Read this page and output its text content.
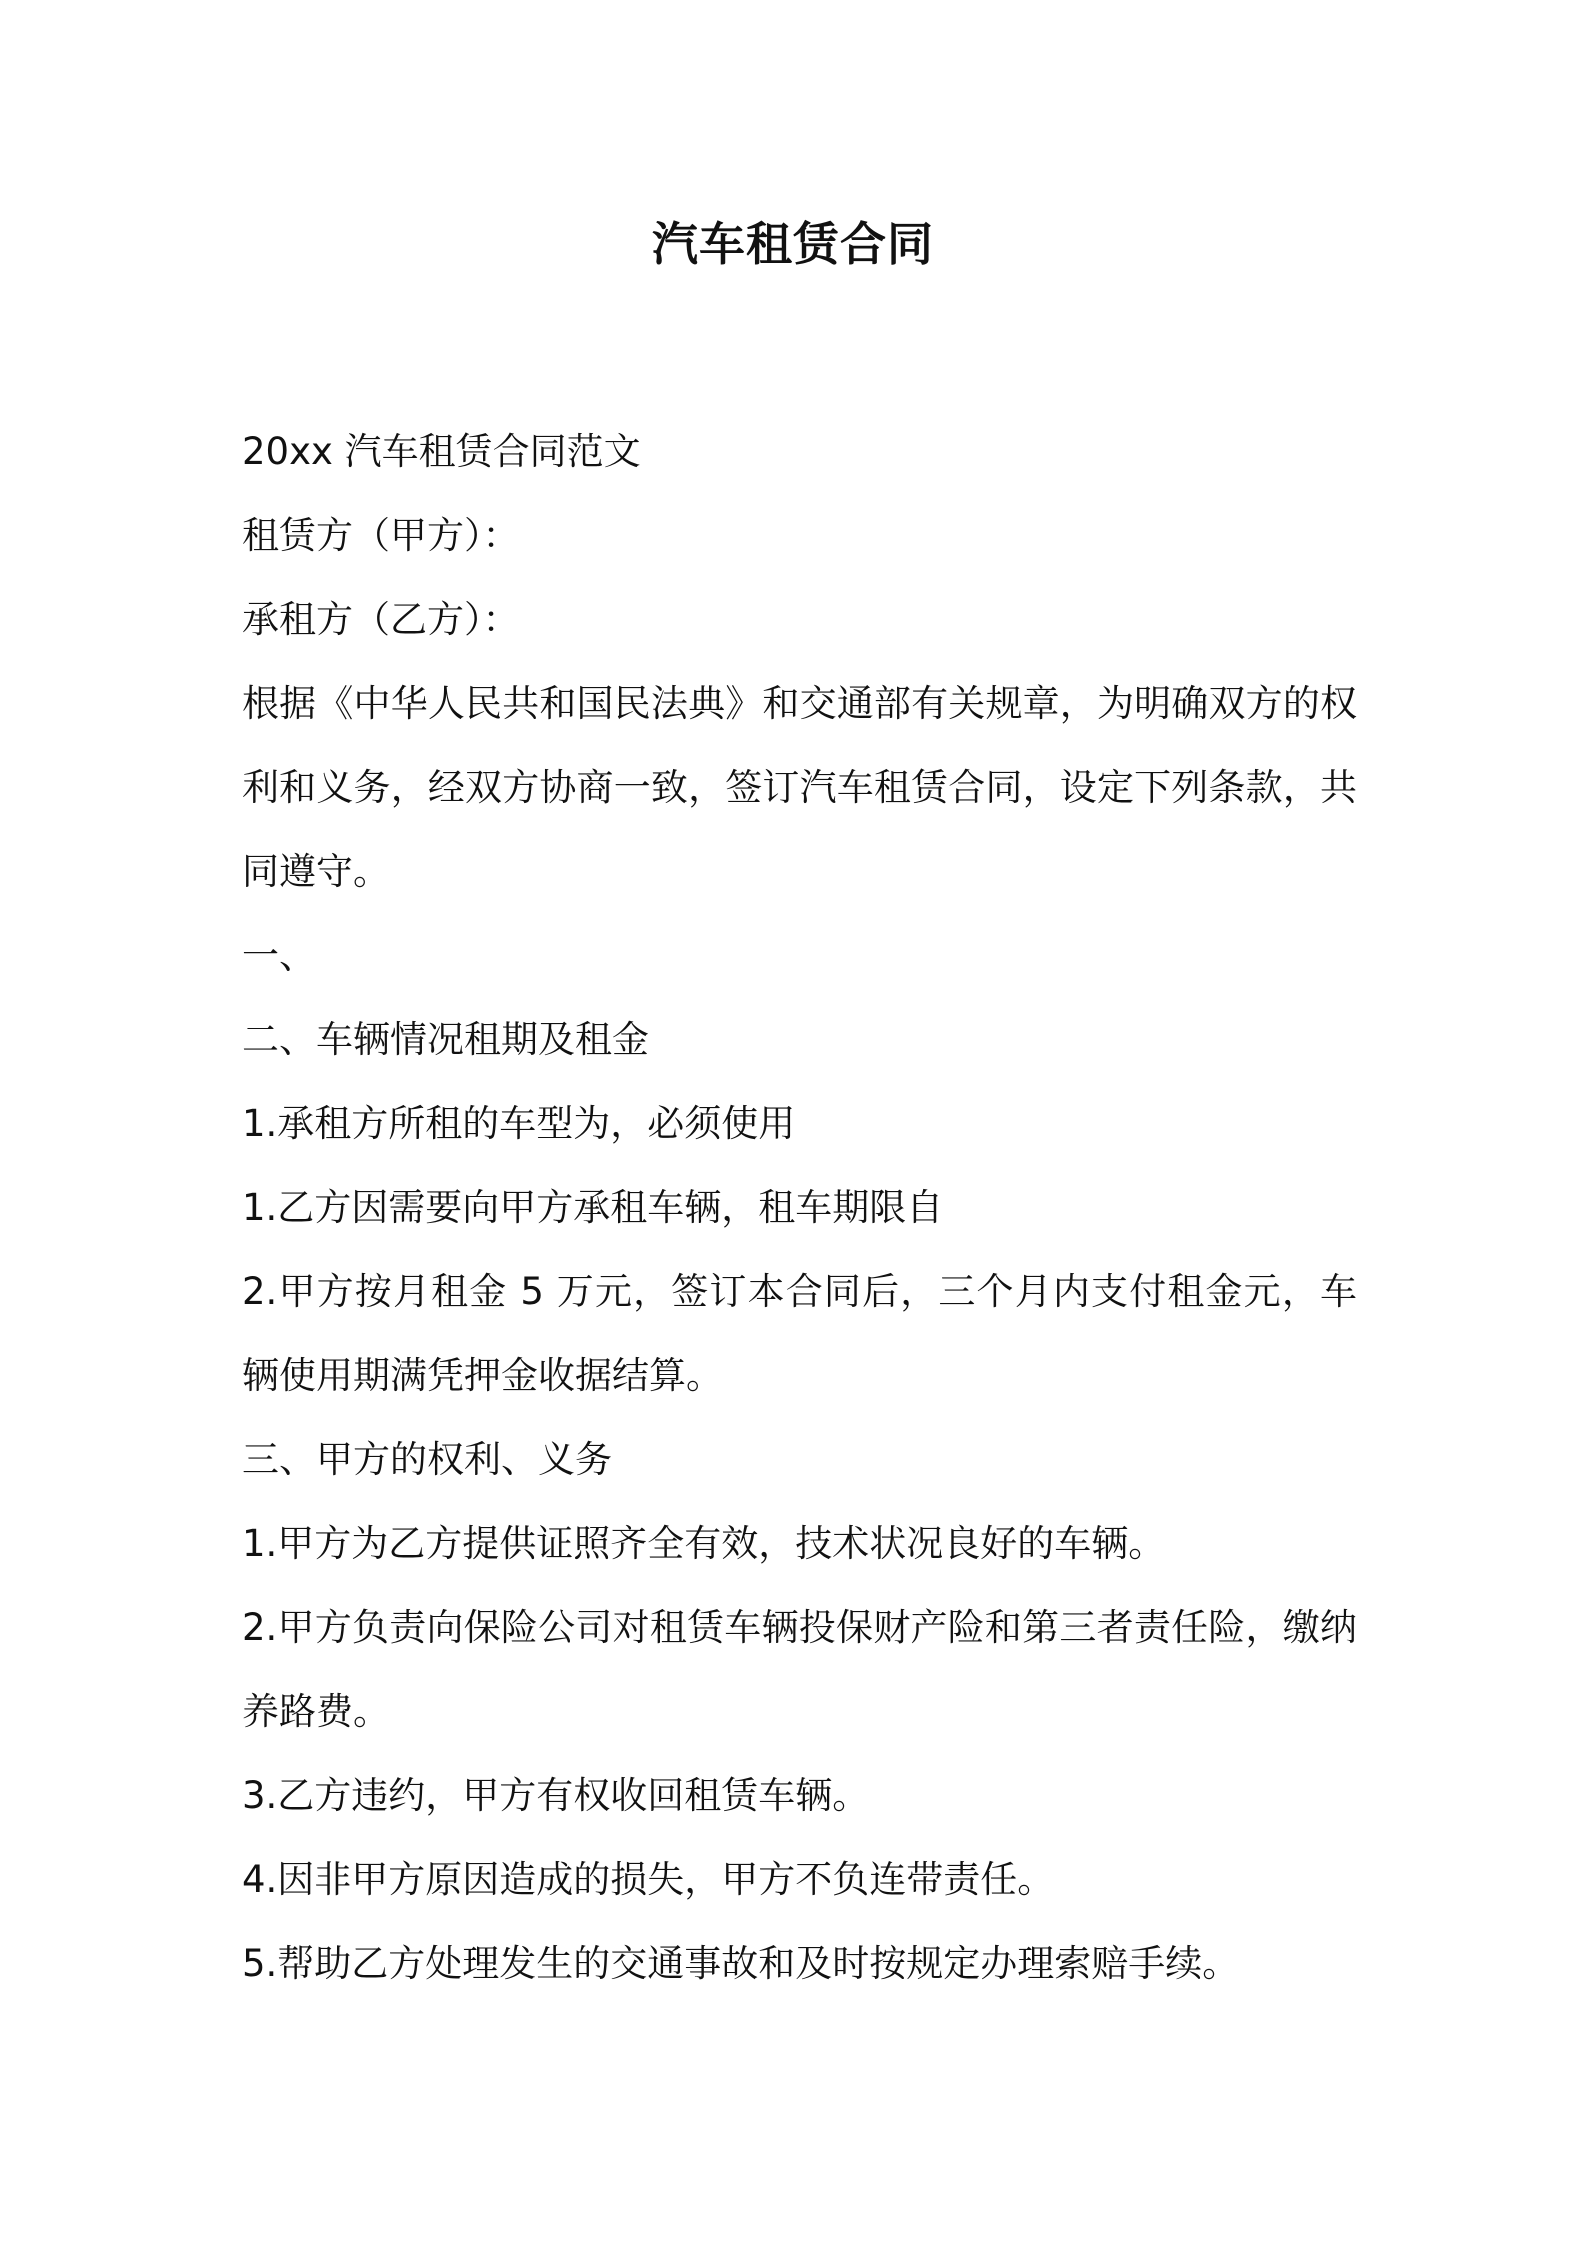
汽车租赁合同

20xx 汽车租赁合同范文

租赁方（甲方）：

承租方（乙方）：

根据《中华人民共和国民法典》和交通部有关规章，为明确双方的权利和义务，经双方协商一致，签订汽车租赁合同，设定下列条款，共同遵守。

一、

二、车辆情况租期及租金

1.承租方所租的车型为，必须使用

1.乙方因需要向甲方承租车辆，租车期限自

2.甲方按月租金 5 万元，签订本合同后，三个月内支付租金元，车辆使用期满凭押金收据结算。

三、甲方的权利、义务

1.甲方为乙方提供证照齐全有效，技术状况良好的车辆。

2.甲方负责向保险公司对租赁车辆投保财产险和第三者责任险，缴纳养路费。

3.乙方违约，甲方有权收回租赁车辆。

4.因非甲方原因造成的损失，甲方不负连带责任。

5.帮助乙方处理发生的交通事故和及时按规定办理索赔手续。
